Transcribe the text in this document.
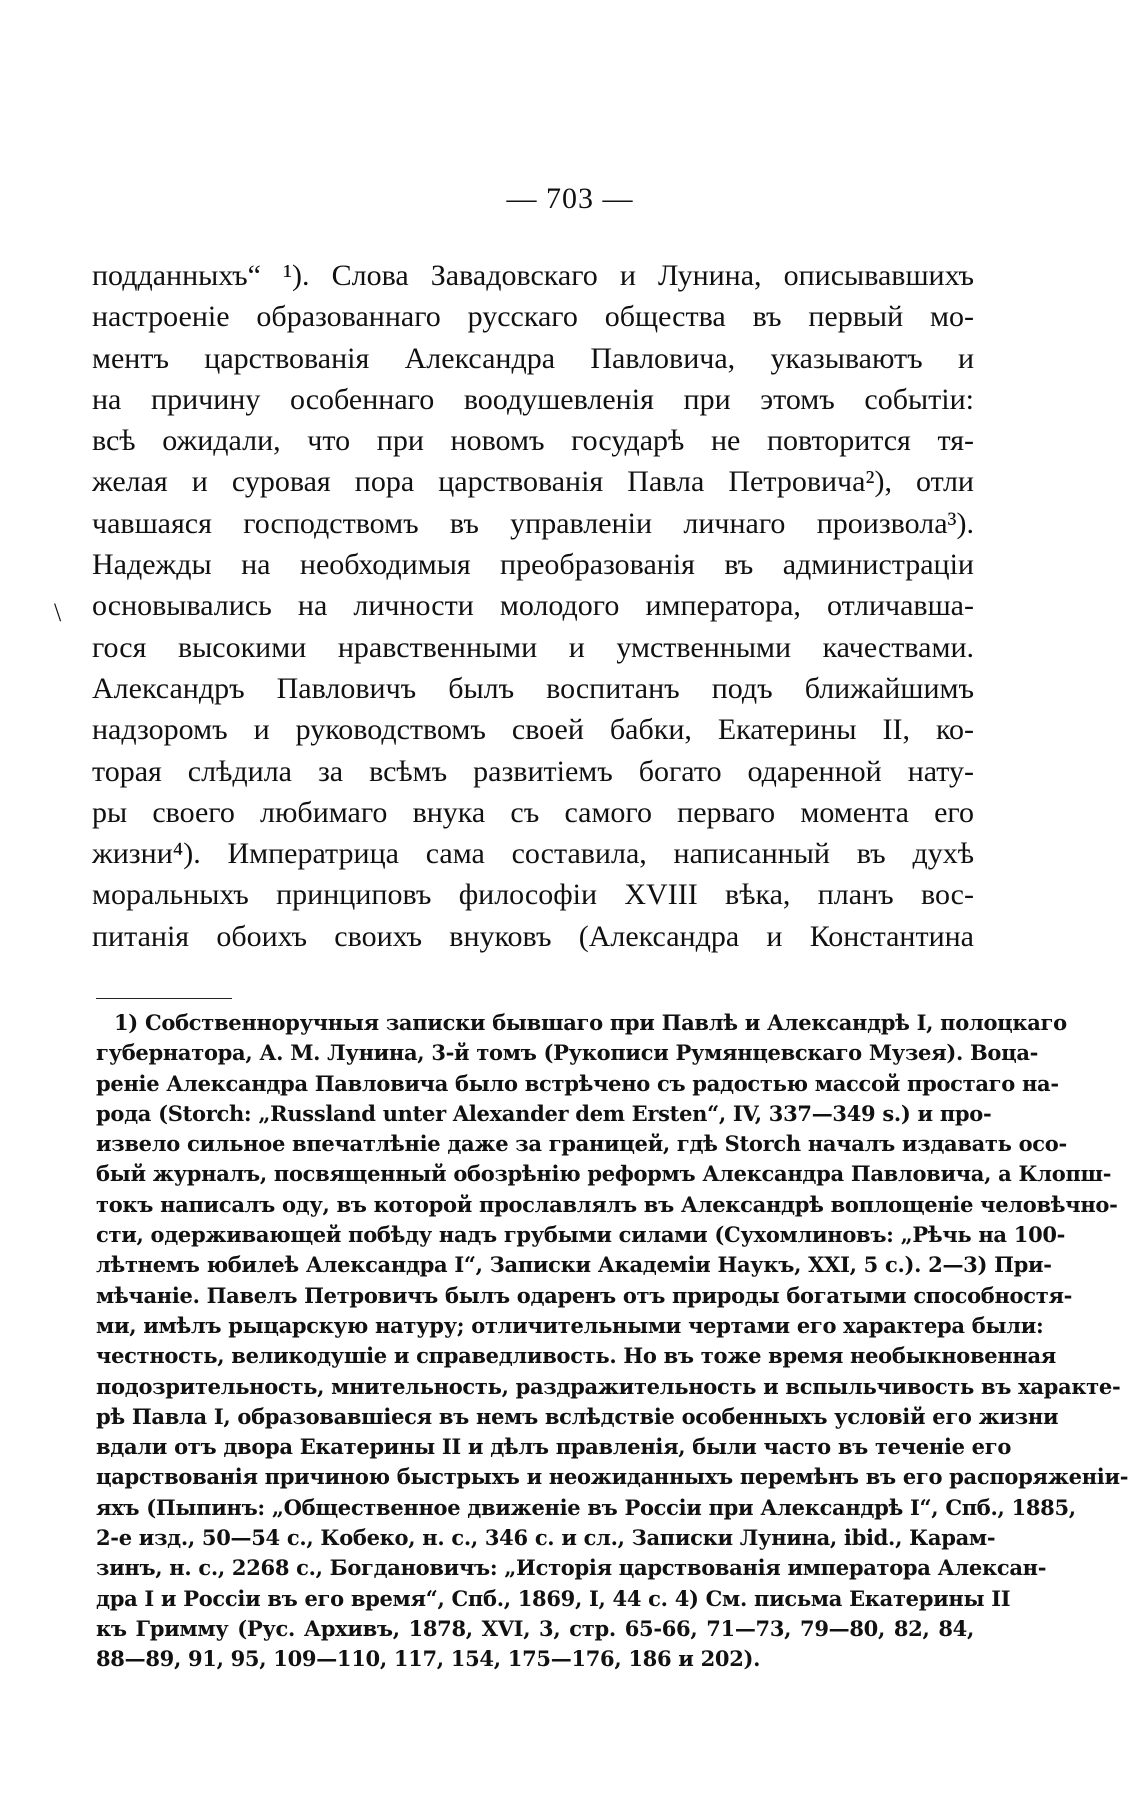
— 703 —
\
подданныхъ“ ¹). Слова Завадовскаго и Лунина, описывавшихъ
настроеніе образованнаго русскаго общества въ первый мо-
ментъ царствованія Александра Павловича, указываютъ и
на причину особеннаго воодушевленія при этомъ событіи:
всѣ ожидали, что при новомъ государѣ не повторится тя-
желая и суровая пора царствованія Павла Петровича²), отли
чавшаяся господствомъ въ управленіи личнаго произвола³).
Надежды на необходимыя преобразованія въ администраціи
основывались на личности молодого императора, отличавша-
гося высокими нравственными и умственными качествами.
Александръ Павловичъ былъ воспитанъ подъ ближайшимъ
надзоромъ и руководствомъ своей бабки, Екатерины II, ко-
торая слѣдила за всѣмъ развитіемъ богато одаренной нату-
ры своего любимаго внука съ самого перваго момента его
жизни⁴). Императрица сама составила, написанный въ духѣ
моральныхъ принциповъ философіи XVIII вѣка, планъ вос-
питанія обоихъ своихъ внуковъ (Александра и Константина
1) Собственноручныя записки бывшаго при Павлѣ и Александрѣ I, полоцкаго
губернатора, А. М. Лунина, 3-й томъ (Рукописи Румянцевскаго Музея). Воца-
реніе Александра Павловича было встрѣчено съ радостью массой простаго на-
рода (Storch: „Russland unter Alexander dem Ersten“, IV, 337—349 s.) и про-
извело сильное впечатлѣніе даже за границей, гдѣ Storch началъ издавать осо-
бый журналъ, посвященный обозрѣнію реформъ Александра Павловича, а Клопш-
токъ написалъ оду, въ которой прославлялъ въ Александрѣ воплощеніе человѣчно-
сти, одерживающей побѣду надъ грубыми силами (Сухомлиновъ: „Рѣчь на 100-
лѣтнемъ юбилеѣ Александра I“, Записки Академіи Наукъ, XXI, 5 с.). 2—3) При-
мѣчаніе. Павелъ Петровичъ былъ одаренъ отъ природы богатыми способностя-
ми, имѣлъ рыцарскую натуру; отличительными чертами его характера были:
честность, великодушіе и справедливость. Но въ тоже время необыкновенная
подозрительность, мнительность, раздражительность и вспыльчивость въ характе-
рѣ Павла I, образовавшіеся въ немъ вслѣдствіе особенныхъ условій его жизни
вдали отъ двора Екатерины II и дѣлъ правленія, были часто въ теченіе его
царствованія причиною быстрыхъ и неожиданныхъ перемѣнъ въ его распоряженіи-
яхъ (Пыпинъ: „Общественное движеніе въ Россіи при Александрѣ I“, Спб., 1885,
2-е изд., 50—54 с., Кобеко, н. с., 346 с. и сл., Записки Лунина, ibid., Карам-
зинъ, н. с., 2268 с., Богдановичъ: „Исторія царствованія императора Алексан-
дра I и Россіи въ его время“, Спб., 1869, I, 44 с. 4) См. письма Екатерины II
къ Гримму (Рус. Архивъ, 1878, XVI, 3, стр. 65-66, 71—73, 79—80, 82, 84,
88—89, 91, 95, 109—110, 117, 154, 175—176, 186 и 202).
